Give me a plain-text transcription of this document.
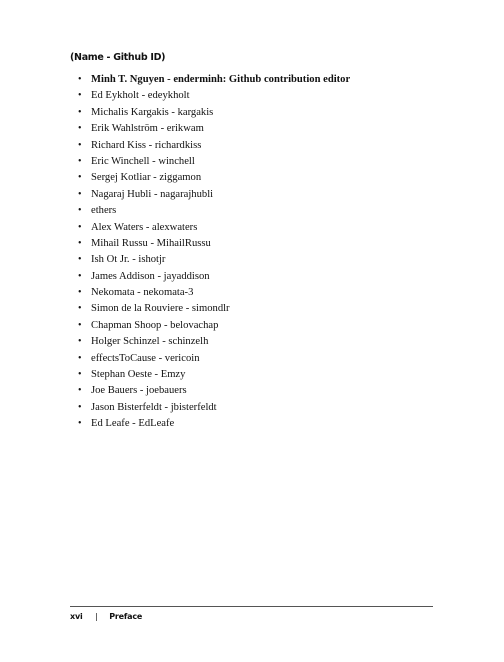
(Name - Github ID)
• Minh T. Nguyen - enderminh: Github contribution editor
• Ed Eykholt - edeykholt
• Michalis Kargakis - kargakis
• Erik Wahlström - erikwam
• Richard Kiss - richardkiss
• Eric Winchell - winchell
• Sergej Kotliar - ziggamon
• Nagaraj Hubli - nagarajhubli
• ethers
• Alex Waters - alexwaters
• Mihail Russu - MihailRussu
• Ish Ot Jr. - ishotjr
• James Addison - jayaddison
• Nekomata - nekomata-3
• Simon de la Rouviere - simondlr
• Chapman Shoop - belovachap
• Holger Schinzel - schinzelh
• effectsToCause - vericoin
• Stephan Oeste - Emzy
• Joe Bauers - joebauers
• Jason Bisterfeldt - jbisterfeldt
• Ed Leafe - EdLeafe
xvi | Preface
